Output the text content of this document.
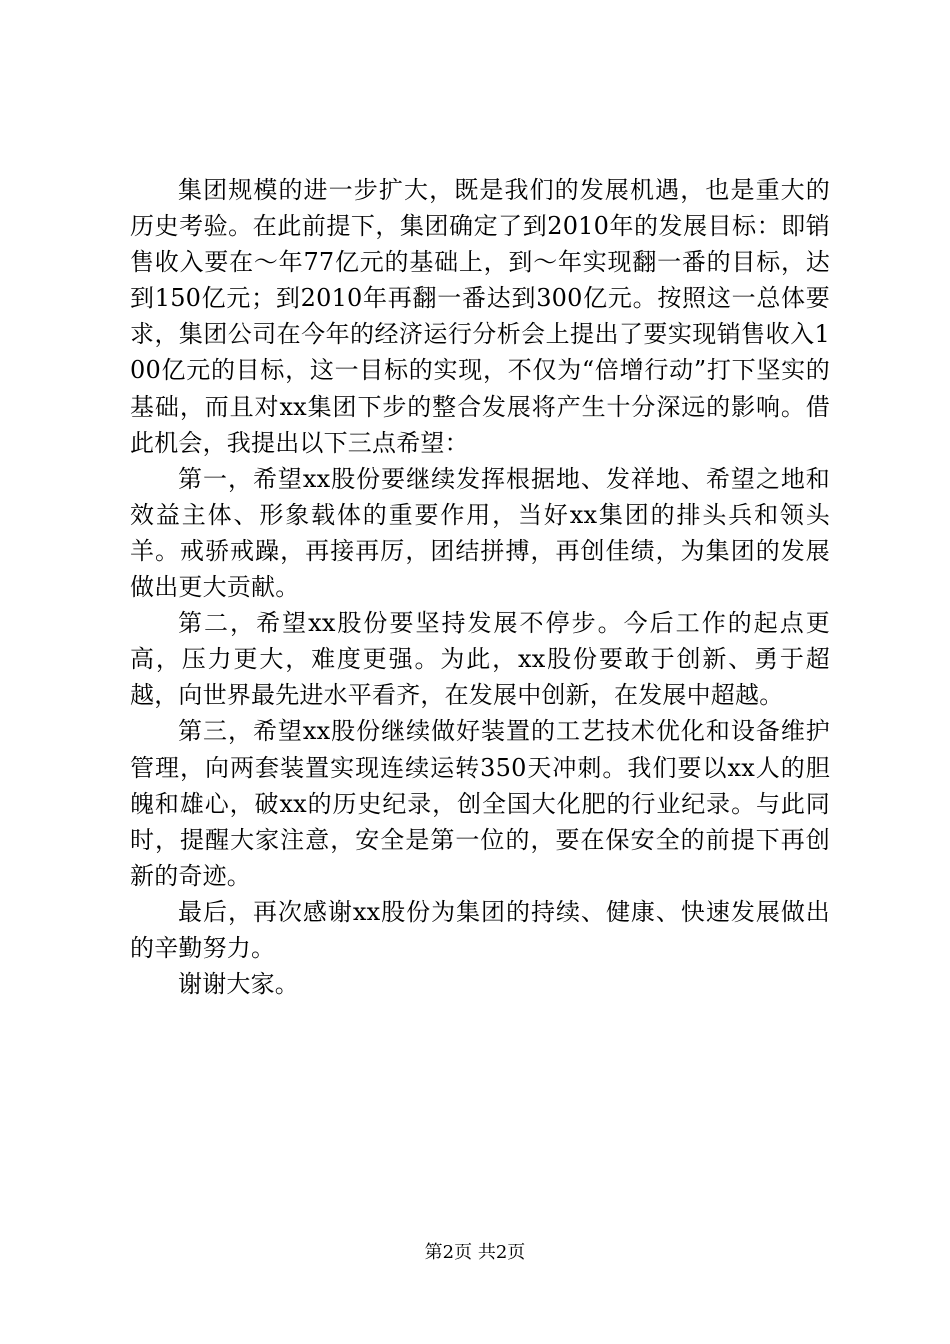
集团规模的进一步扩大，既是我们的发展机遇，也是重大的历史考验。在此前提下，集团确定了到2010年的发展目标：即销售收入要在～年77亿元的基础上，到～年实现翻一番的目标，达到150亿元；到2010年再翻一番达到300亿元。按照这一总体要求，集团公司在今年的经济运行分析会上提出了要实现销售收入100亿元的目标，这一目标的实现，不仅为“倍增行动”打下坚实的基础，而且对xx集团下步的整合发展将产生十分深远的影响。借此机会，我提出以下三点希望：

第一，希望xx股份要继续发挥根据地、发祥地、希望之地和效益主体、形象载体的重要作用，当好xx集团的排头兵和领头羊。戒骄戒躁，再接再厉，团结拼搏，再创佳绩，为集团的发展做出更大贡献。

第二，希望xx股份要坚持发展不停步。今后工作的起点更高，压力更大，难度更强。为此，xx股份要敢于创新、勇于超越，向世界最先进水平看齐，在发展中创新，在发展中超越。

第三，希望xx股份继续做好装置的工艺技术优化和设备维护管理，向两套装置实现连续运转350天冲刺。我们要以xx人的胆魄和雄心，破xx的历史纪录，创全国大化肥的行业纪录。与此同时，提醒大家注意，安全是第一位的，要在保安全的前提下再创新的奇迹。

最后，再次感谢xx股份为集团的持续、健康、快速发展做出的辛勤努力。

谢谢大家。

第2页 共2页
